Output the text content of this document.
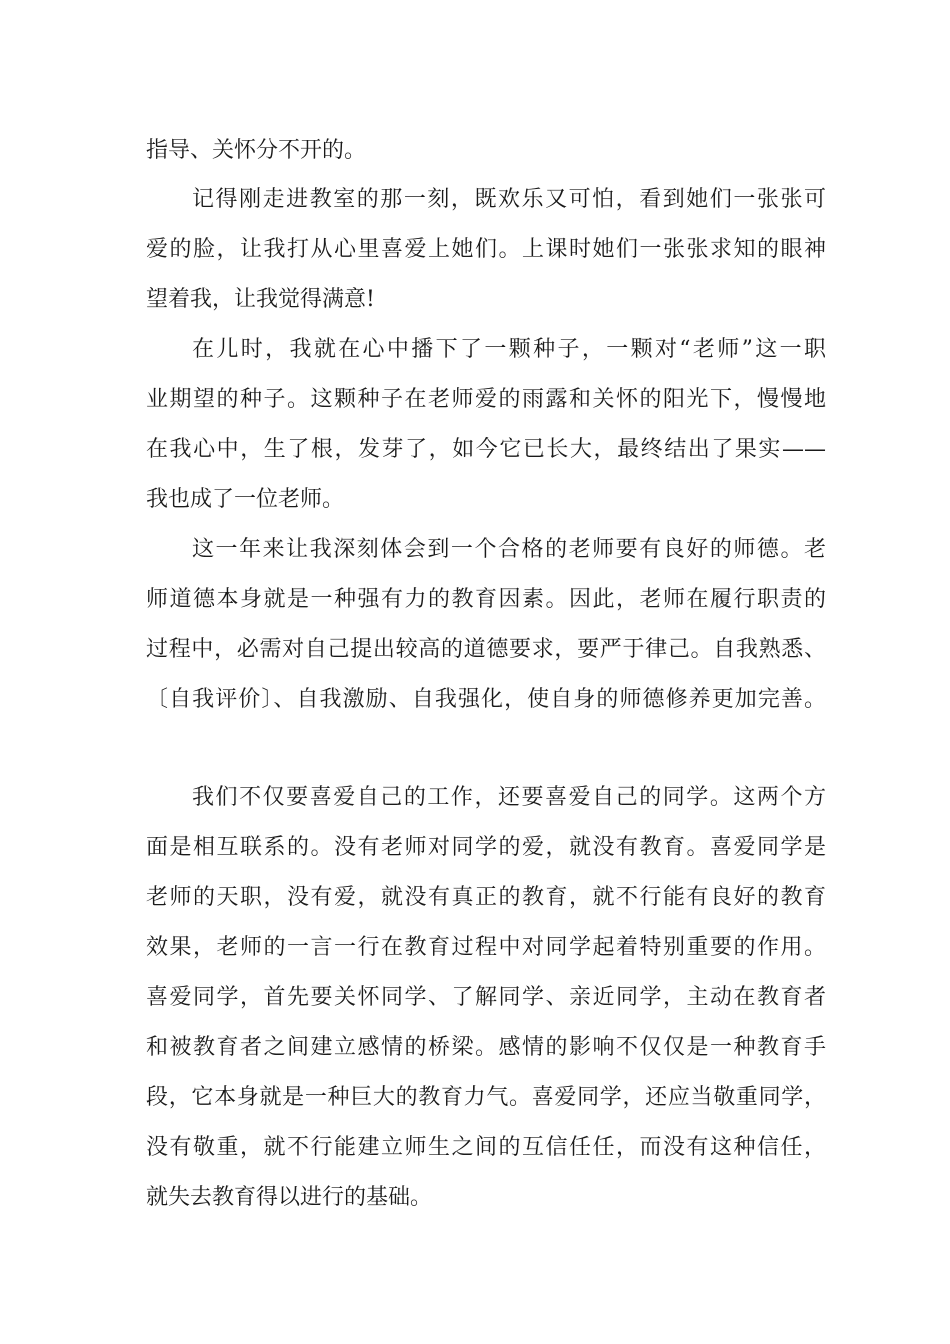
指导、关怀分不开的。
记得刚走进教室的那一刻，既欢乐又可怕，看到她们一张张可
爱的脸，让我打从心里喜爱上她们。上课时她们一张张求知的眼神
望着我，让我觉得满意!
在儿时，我就在心中播下了一颗种子，一颗对“老师”这一职
业期望的种子。这颗种子在老师爱的雨露和关怀的阳光下，慢慢地
在我心中，生了根，发芽了，如今它已长大，最终结出了果实——
我也成了一位老师。
这一年来让我深刻体会到一个合格的老师要有良好的师德。老
师道德本身就是一种强有力的教育因素。因此，老师在履行职责的
过程中，必需对自己提出较高的道德要求，要严于律己。自我熟悉、
〔自我评价〕、自我激励、自我强化，使自身的师德修养更加完善。
我们不仅要喜爱自己的工作，还要喜爱自己的同学。这两个方
面是相互联系的。没有老师对同学的爱，就没有教育。喜爱同学是
老师的天职，没有爱，就没有真正的教育，就不行能有良好的教育
效果，老师的一言一行在教育过程中对同学起着特别重要的作用。
喜爱同学，首先要关怀同学、了解同学、亲近同学，主动在教育者
和被教育者之间建立感情的桥梁。感情的影响不仅仅是一种教育手
段，它本身就是一种巨大的教育力气。喜爱同学，还应当敬重同学，
没有敬重，就不行能建立师生之间的互信任任，而没有这种信任，
就失去教育得以进行的基础。
